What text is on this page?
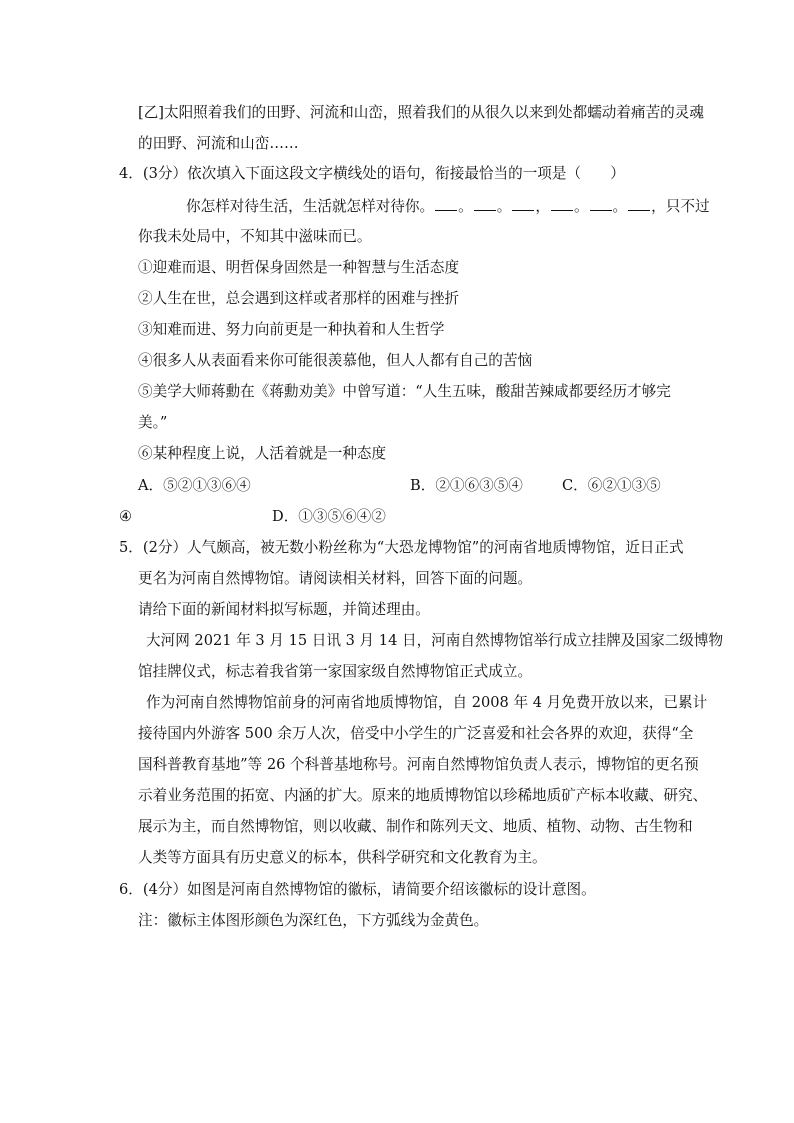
[乙]太阳照着我们的田野、河流和山峦，照着我们的从很久以来到处都蠕动着痛苦的灵魂
的田野、河流和山峦……
4．(3分）依次填入下面这段文字横线处的语句，衔接最恰当的一项是（　　）
你怎样对待生活，生活就怎样对待你。 。 。 ， 。 。 ，只不过
你我未处局中，不知其中滋味而已。
①迎难而退、明哲保身固然是一种智慧与生活态度
②人生在世，总会遇到这样或者那样的困难与挫折
③知难而进、努力向前更是一种执着和人生哲学
④很多人从表面看来你可能很羡慕他，但人人都有自己的苦恼
⑤美学大师蒋勳在《蒋勳劝美》中曾写道：“人生五味，酸甜苦辣咸都要经历才够完
美。”
⑥某种程度上说，人活着就是一种态度
A．⑤②①③⑥④	B．②①⑥③⑤④	C．⑥②①③⑤
④	D．①③⑤⑥④②
5．(2分）人气颇高，被无数小粉丝称为“大恐龙博物馆”的河南省地质博物馆，近日正式
更名为河南自然博物馆。请阅读相关材料，回答下面的问题。
请给下面的新闻材料拟写标题，并简述理由。
大河网 2021 年 3 月 15 日讯 3 月 14 日，河南自然博物馆举行成立挂牌及国家二级博物
馆挂牌仪式，标志着我省第一家国家级自然博物馆正式成立。
作为河南自然博物馆前身的河南省地质博物馆，自 2008 年 4 月免费开放以来，已累计
接待国内外游客 500 余万人次，倍受中小学生的广泛喜爱和社会各界的欢迎，获得“全
国科普教育基地”等 26 个科普基地称号。河南自然博物馆负责人表示，博物馆的更名预
示着业务范围的拓宽、内涵的扩大。原来的地质博物馆以珍稀地质矿产标本收藏、研究、
展示为主，而自然博物馆，则以收藏、制作和陈列天文、地质、植物、动物、古生物和
人类等方面具有历史意义的标本，供科学研究和文化教育为主。
6．(4分）如图是河南自然博物馆的徽标，请简要介绍该徽标的设计意图。
注：徽标主体图形颜色为深红色，下方弧线为金黄色。
